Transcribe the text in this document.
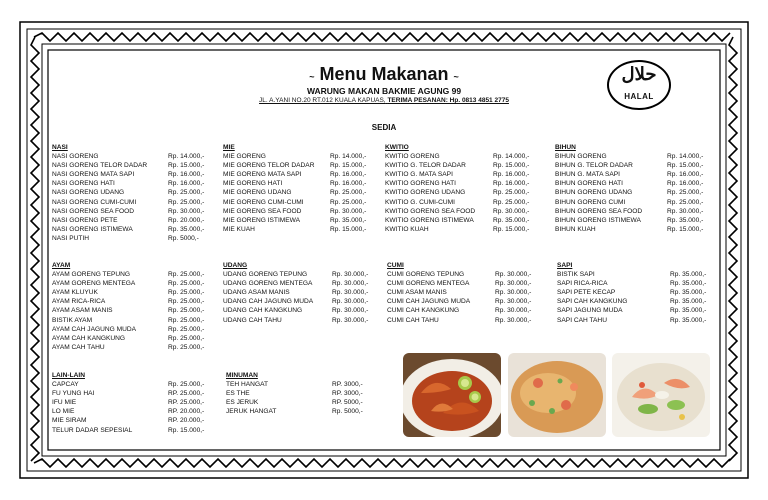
~ Menu Makanan ~
WARUNG MAKAN BAKMIE AGUNG 99
JL. A.YANI NO.20 RT.012 KUALA KAPUAS, TERIMA PESANAN: Hp. 0813 4851 2775
حلال
HALAL
SEDIA
NASI
NASI GORENG	Rp. 14.000,-
NASI GORENG TELOR DADAR	Rp. 15.000,-
NASI GORENG MATA SAPI	Rp. 16.000,-
NASI GORENG HATI	Rp. 16.000,-
NASI GORENG UDANG	Rp. 25.000,-
NASI GORENG CUMI-CUMI	Rp. 25.000,-
NASI GORENG SEA FOOD	Rp. 30.000,-
NASI GORENG PETE	Rp. 20.000,-
NASI GORENG ISTIMEWA	Rp. 35.000,-
NASI PUTIH	Rp. 5000,-
MIE
MIE GORENG	Rp. 14.000,-
MIE GORENG TELOR DADAR Rp. 15.000,-
MIE GORENG MATA SAPI	Rp. 16.000,-
MIE GORENG HATI	Rp. 16.000,-
MIE GORENG UDANG	Rp. 25.000,-
MIE GORENG CUMI-CUMI	Rp. 25.000,-
MIE GORENG SEA FOOD	Rp. 30.000,-
MIE GORENG ISTIMEWA	Rp. 35.000,-
MIE KUAH	Rp. 15.000,-
KWITIO
KWITIO GORENG	Rp. 14.000,-
KWITIO G. TELOR DADAR	Rp. 15.000,-
KWITIO G. MATA SAPI	Rp. 16.000,-
KWITIO GORENG HATI	Rp. 16.000,-
KWITIO GORENG UDANG	Rp. 25.000,-
KWITIO G. CUMI-CUMI	Rp. 25.000,-
KWITIO GORENG SEA FOOD	Rp. 30.000,-
KWITIO GORENG ISTIMEWA	Rp. 35.000,-
KWITIO KUAH	Rp. 15.000,-
BIHUN
BIHUN GORENG	Rp. 14.000,-
BIHUN G. TELOR DADAR	Rp. 15.000,-
BIHUN G. MATA SAPI	Rp. 16.000,-
BIHUN GORENG HATI	Rp. 16.000,-
BIHUN GORENG UDANG	Rp. 25.000,-
BIHUN GORENG CUMI	Rp. 25.000,-
BIHUN GORENG SEA FOOD	Rp. 30.000,-
BIHUN GORENG ISTIMEWA	Rp. 35.000,-
BIHUN KUAH	Rp. 15.000,-
AYAM
AYAM GORENG TEPUNG	Rp. 25.000,-
AYAM GORENG MENTEGA	Rp. 25.000,-
AYAM KLUYUK	Rp. 25.000,-
AYAM RICA-RICA	Rp. 25.000,-
AYAM ASAM MANIS	Rp. 25.000,-
BISTIK AYAM	Rp. 25.000,-
AYAM CAH JAGUNG MUDA	Rp. 25.000,-
AYAM CAH KANGKUNG	Rp. 25.000,-
AYAM CAH TAHU	Rp. 25.000,-
UDANG
UDANG GORENG TEPUNG	Rp. 30.000,-
UDANG GORENG MENTEGA	Rp. 30.000,-
UDANG ASAM MANIS	Rp. 30.000,-
UDANG CAH JAGUNG MUDA	Rp. 30.000,-
UDANG CAH KANGKUNG	Rp. 30.000,-
UDANG CAH TAHU	Rp. 30.000,-
CUMI
CUMI GORENG TEPUNG	Rp. 30.000,-
CUMI GORENG MENTEGA	Rp. 30.000,-
CUMI ASAM MANIS	Rp. 30.000,-
CUMI CAH JAGUNG MUDA	Rp. 30.000,-
CUMI CAH KANGKUNG	Rp. 30.000,-
CUMI CAH TAHU	Rp. 30.000,-
SAPI
BISTIK SAPI	Rp. 35.000,-
SAPI RICA-RICA	Rp. 35.000,-
SAPI PETE KECAP	Rp. 35.000,-
SAPI CAH KANGKUNG	Rp. 35.000,-
SAPI JAGUNG MUDA	Rp. 35.000,-
SAPI CAH TAHU	Rp. 35.000,-
LAIN-LAIN
CAPCAY	Rp. 25.000,-
FU YUNG HAI	RP. 25.000,-
IFU MIE	RP. 25.000,-
LO MIE	RP. 20.000,-
MIE SIRAM	RP. 20.000,-
TELUR DADAR SEPESIAL	Rp. 15.000,-
MINUMAN
TEH HANGAT	RP. 3000,-
ES THE	RP. 3000,-
ES JERUK	RP. 5000,-
JERUK HANGAT	Rp. 5000,-
